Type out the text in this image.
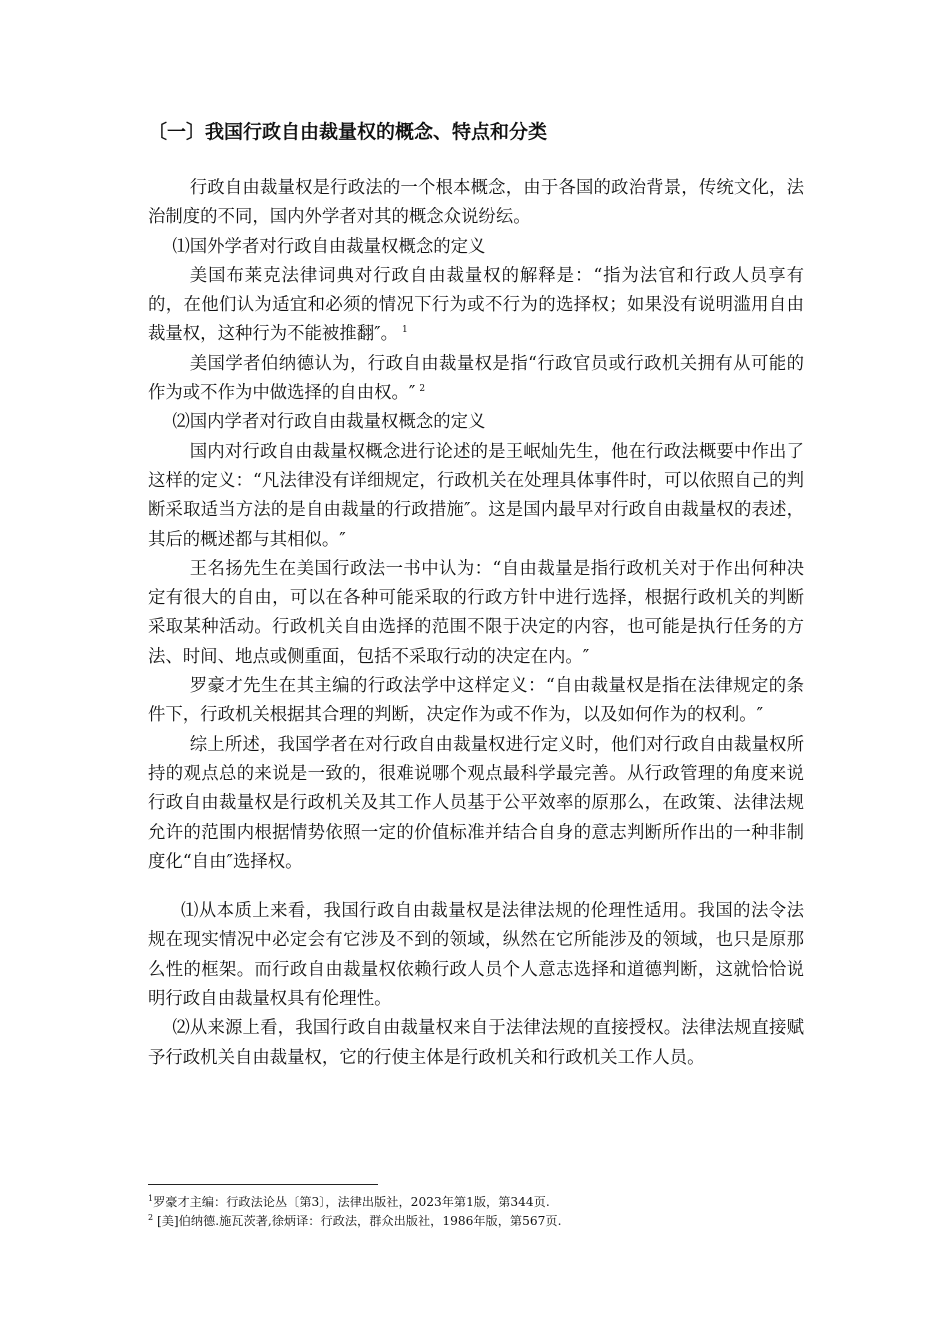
〔一〕我国行政自由裁量权的概念、特点和分类

行政自由裁量权是行政法的一个根本概念，由于各国的政治背景，传统文化，法治制度的不同，国内外学者对其的概念众说纷纭。

⑴国外学者对行政自由裁量权概念的定义

美国布莱克法律词典对行政自由裁量权的解释是：“指为法官和行政人员享有的，在他们认为适宜和必须的情况下行为或不行为的选择权；如果没有说明滥用自由裁量权，这种行为不能被推翻″。 $^1$

美国学者伯纳德认为，行政自由裁量权是指“行政官员或行政机关拥有从可能的作为或不作为中做选择的自由权。″ $^2$

⑵国内学者对行政自由裁量权概念的定义

国内对行政自由裁量权概念进行论述的是王岷灿先生，他在行政法概要中作出了这样的定义：“凡法律没有详细规定，行政机关在处理具体事件时，可以依照自己的判断采取适当方法的是自由裁量的行政措施″。这是国内最早对行政自由裁量权的表述，其后的概述都与其相似。″

王名扬先生在美国行政法一书中认为：“自由裁量是指行政机关对于作出何种决定有很大的自由，可以在各种可能采取的行政方针中进行选择，根据行政机关的判断采取某种活动。行政机关自由选择的范围不限于决定的内容，也可能是执行任务的方法、时间、地点或侧重面，包括不采取行动的决定在内。″

罗豪才先生在其主编的行政法学中这样定义：“自由裁量权是指在法律规定的条件下，行政机关根据其合理的判断，决定作为或不作为，以及如何作为的权利。″

综上所述，我国学者在对行政自由裁量权进行定义时，他们对行政自由裁量权所持的观点总的来说是一致的，很难说哪个观点最科学最完善。从行政管理的角度来说行政自由裁量权是行政机关及其工作人员基于公平效率的原那么，在政策、法律法规允许的范围内根据情势依照一定的价值标准并结合自身的意志判断所作出的一种非制度化“自由″选择权。

⑴从本质上来看，我国行政自由裁量权是法律法规的伦理性适用。我国的法令法规在现实情况中必定会有它涉及不到的领域，纵然在它所能涉及的领域，也只是原那么性的框架。而行政自由裁量权依赖行政人员个人意志选择和道德判断，这就恰恰说明行政自由裁量权具有伦理性。

⑵从来源上看，我国行政自由裁量权来自于法律法规的直接授权。法律法规直接赋予行政机关自由裁量权，它的行使主体是行政机关和行政机关工作人员。

$^1$罗豪才主编：行政法论丛〔第3〕，法律出版社，2023年第1版，第344页.

$^2$ [美]伯纳德.施瓦茨著,徐炳译：行政法，群众出版社，1986年版，第567页.
